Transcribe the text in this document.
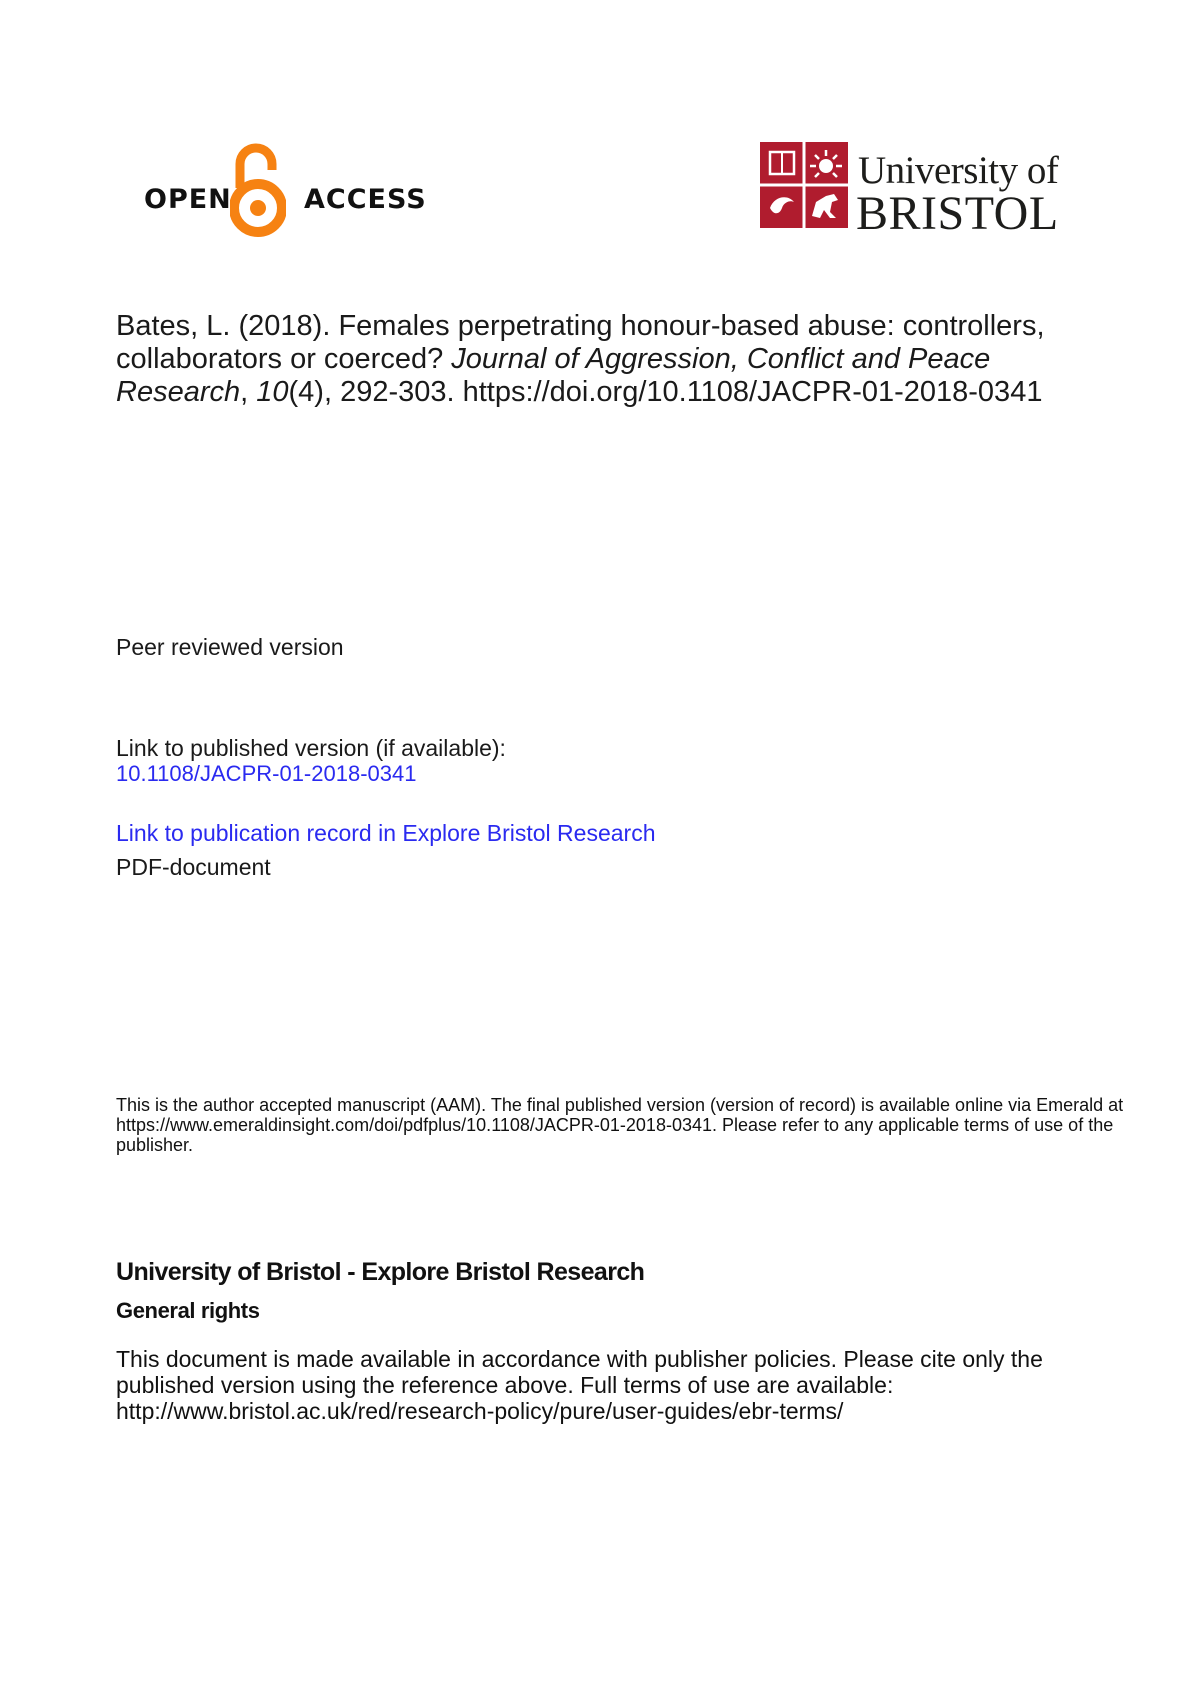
OPEN	ACCESS
University of
BRISTOL
Bates, L. (2018). Females perpetrating honour-based abuse: controllers, collaborators or coerced? Journal of Aggression, Conflict and Peace Research, 10(4), 292-303. https://doi.org/10.1108/JACPR-01-2018-0341
Peer reviewed version
Link to published version (if available):
10.1108/JACPR-01-2018-0341
Link to publication record in Explore Bristol Research
PDF-document
This is the author accepted manuscript (AAM). The final published version (version of record) is available online via Emerald at https://www.emeraldinsight.com/doi/pdfplus/10.1108/JACPR-01-2018-0341. Please refer to any applicable terms of use of the publisher.
University of Bristol - Explore Bristol Research
General rights
This document is made available in accordance with publisher policies. Please cite only the published version using the reference above. Full terms of use are available: http://www.bristol.ac.uk/red/research-policy/pure/user-guides/ebr-terms/
